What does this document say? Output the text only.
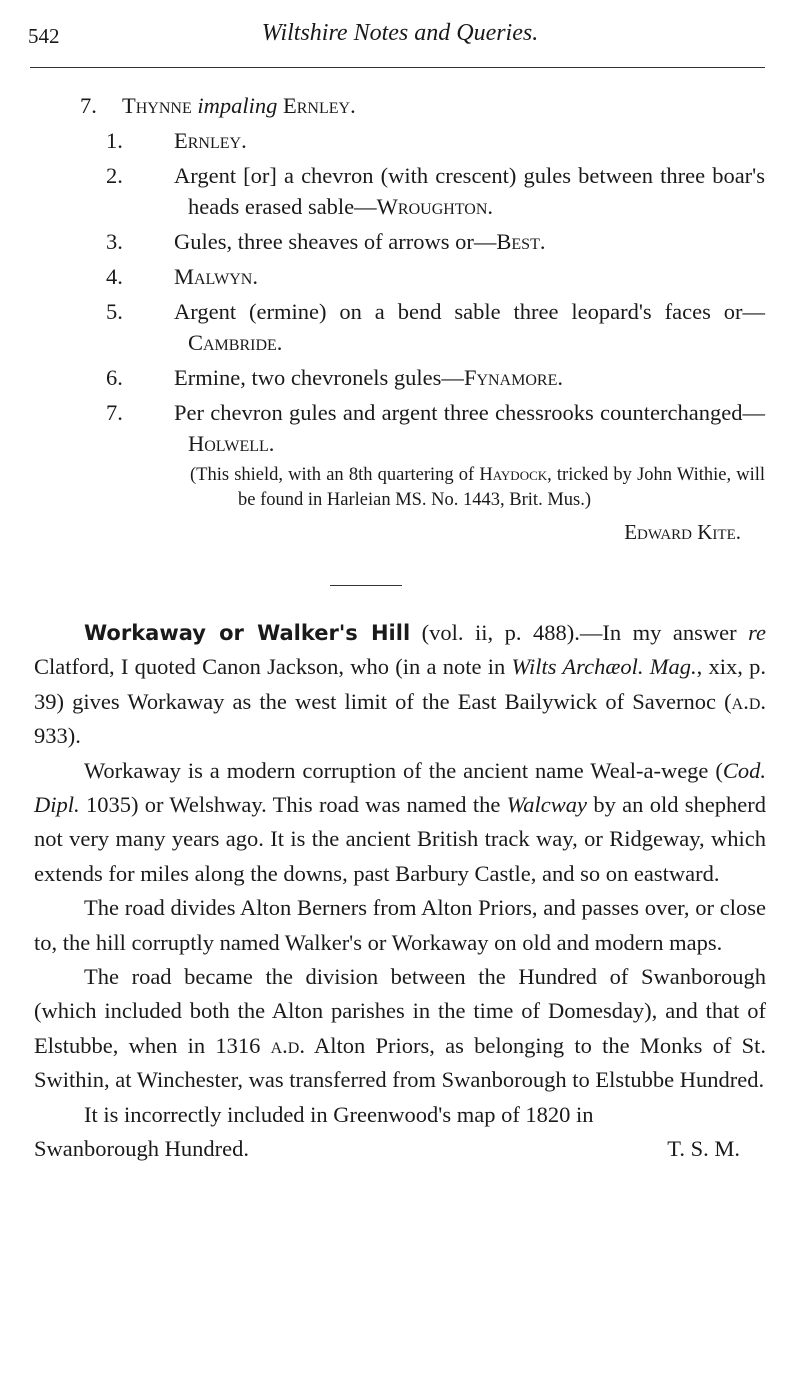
542	Wiltshire Notes and Queries.
7. Thynne impaling Ernley.
1. Ernley.
2. Argent [or] a chevron (with crescent) gules between three boar's heads erased sable—Wroughton.
3. Gules, three sheaves of arrows or—Best.
4. Malwyn.
5. Argent (ermine) on a bend sable three leopard's faces or—Cambride.
6. Ermine, two chevronels gules—Fynamore.
7. Per chevron gules and argent three chessrooks counterchanged—Holwell.
(This shield, with an 8th quartering of Haydock, tricked by John Withie, will be found in Harleian MS. No. 1443, Brit. Mus.)
Edward Kite.

Workaway or Walker's Hill (vol. ii, p. 488).—In my answer re Clatford, I quoted Canon Jackson, who (in a note in Wilts Archæol. Mag., xix, p. 39) gives Workaway as the west limit of the East Bailywick of Savernoc (a.d. 933).

Workaway is a modern corruption of the ancient name Weal-a-wege (Cod. Dipl. 1035) or Welshway. This road was named the Walcway by an old shepherd not very many years ago. It is the ancient British track way, or Ridgeway, which extends for miles along the downs, past Barbury Castle, and so on eastward.

The road divides Alton Berners from Alton Priors, and passes over, or close to, the hill corruptly named Walker's or Workaway on old and modern maps.

The road became the division between the Hundred of Swanborough (which included both the Alton parishes in the time of Domesday), and that of Elstubbe, when in 1316 a.d. Alton Priors, as belonging to the Monks of St. Swithin, at Winchester, was transferred from Swanborough to Elstubbe Hundred.

It is incorrectly included in Greenwood's map of 1820 in

Swanborough Hundred.	T. S. M.
